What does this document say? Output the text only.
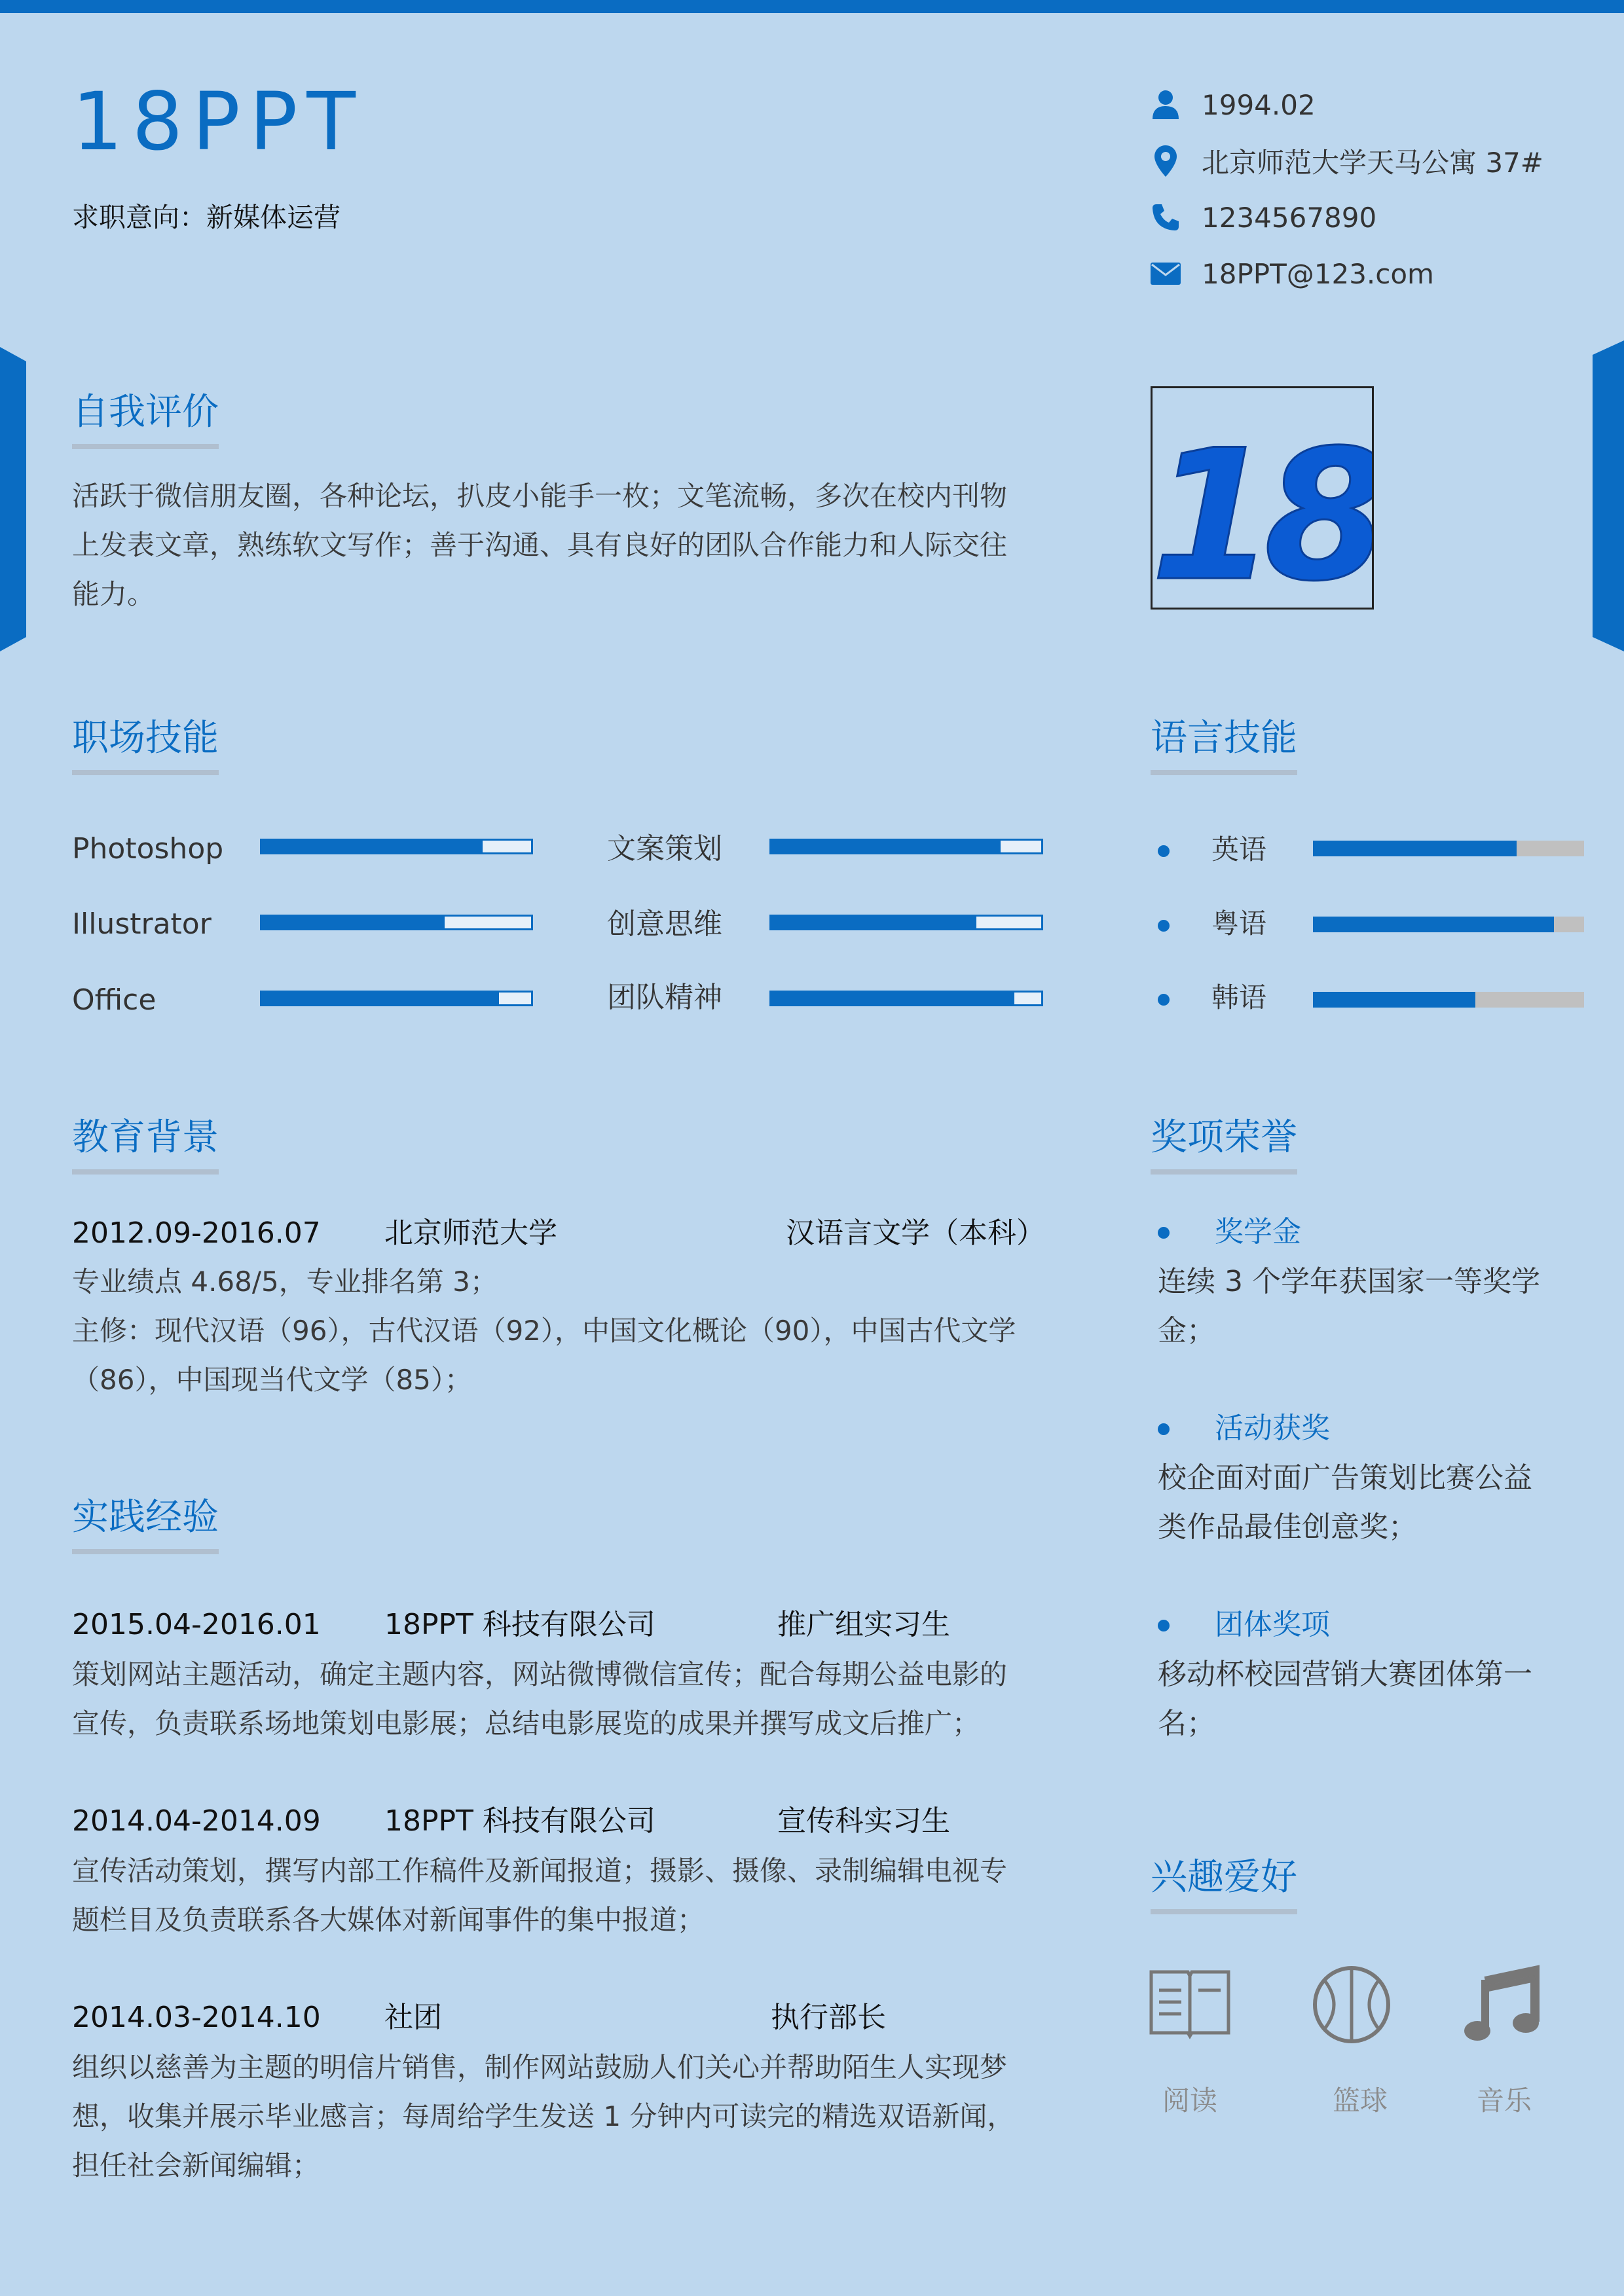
18PPT
求职意向：新媒体运营
1994.02
北京师范大学天马公寓 37#
1234567890
18PPT@123.com
18
自我评价
活跃于微信朋友圈，各种论坛，扒皮小能手一枚；文笔流畅，多次在校内刊物
上发表文章，熟练软文写作；善于沟通、具有良好的团队合作能力和人际交往
能力。
职场技能
Photoshop	文案策划
Illustrator	创意思维
Office	团队精神
语言技能
英语
粤语
韩语
教育背景
2012.09-2016.07 北京师范大学	汉语言文学（本科）
专业绩点 4.68/5，专业排名第 3；
主修：现代汉语（96），古代汉语（92），中国文化概论（90），中国古代文学
（86），中国现当代文学（85）；
实践经验
2015.04-2016.01 18PPT 科技有限公司	推广组实习生
策划网站主题活动，确定主题内容，网站微博微信宣传；配合每期公益电影的
宣传，负责联系场地策划电影展；总结电影展览的成果并撰写成文后推广；
2014.04-2014.09 18PPT 科技有限公司	宣传科实习生
宣传活动策划，撰写内部工作稿件及新闻报道；摄影、摄像、录制编辑电视专
题栏目及负责联系各大媒体对新闻事件的集中报道；
2014.03-2014.10 社团	执行部长
组织以慈善为主题的明信片销售，制作网站鼓励人们关心并帮助陌生人实现梦
想，收集并展示毕业感言；每周给学生发送 1 分钟内可读完的精选双语新闻，
担任社会新闻编辑；
奖项荣誉
奖学金
连续 3 个学年获国家一等奖学
金；
活动获奖
校企面对面广告策划比赛公益
类作品最佳创意奖；
团体奖项
移动杯校园营销大赛团体第一
名；
兴趣爱好
阅读	篮球	音乐
